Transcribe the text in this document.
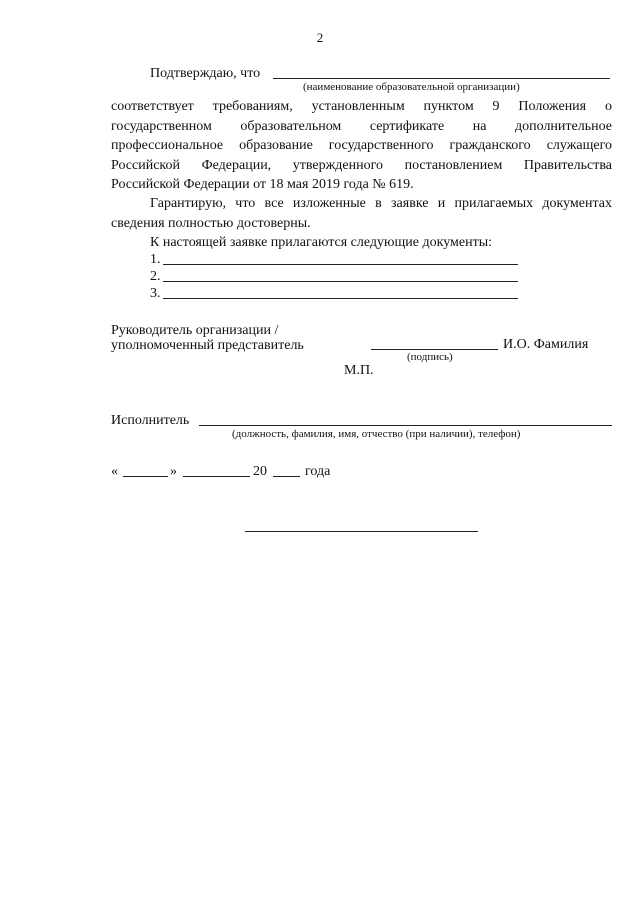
2
Подтверждаю, что
(наименование образовательной организации)
соответствует требованиям, установленным пунктом 9 Положения о государственном образовательном сертификате на дополнительное профессиональное образование государственного гражданского служащего Российской Федерации, утвержденного постановлением Правительства Российской Федерации от 18 мая 2019 года № 619.
Гарантирую, что все изложенные в заявке и прилагаемых документах сведения полностью достоверны.
К настоящей заявке прилагаются следующие документы:
1.
2.
3.
Руководитель организации /
уполномоченный представитель	И.О. Фамилия
(подпись)
М.П.
Исполнитель
(должность, фамилия, имя, отчество (при наличии), телефон)
«	»	20	года
